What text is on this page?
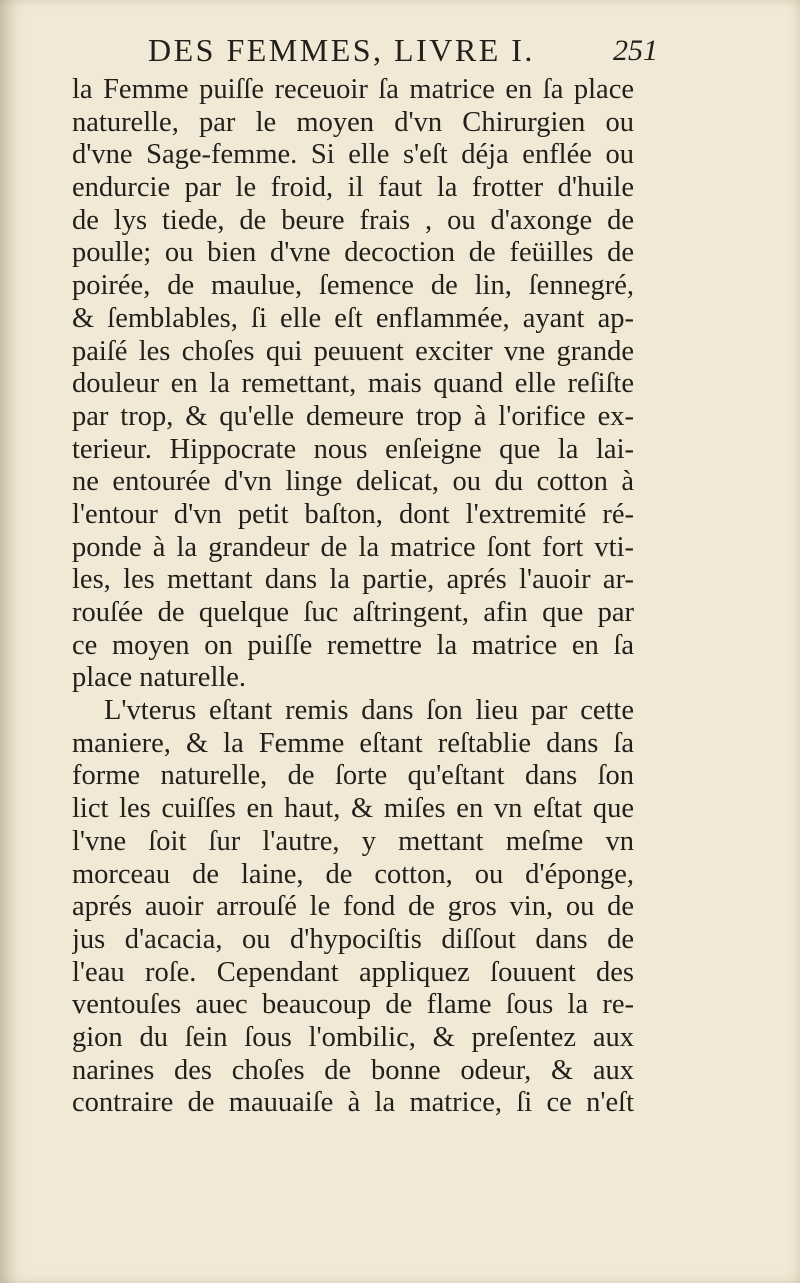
DES FEMMES, LIVRE I.	251
la Femme puiſſe receuoir ſa matrice en ſa place
naturelle, par le moyen d'vn Chirurgien ou
d'vne Sage-femme. Si elle s'eſt déja enflée ou
endurcie par le froid, il faut la frotter d'huile
de lys tiede, de beure frais , ou d'axonge de
poulle; ou bien d'vne decoction de feüilles de
poirée, de maulue, ſemence de lin, ſennegré,
& ſemblables, ſi elle eſt enflammée, ayant ap-
paiſé les choſes qui peuuent exciter vne grande
douleur en la remettant, mais quand elle reſiſte
par trop, & qu'elle demeure trop à l'orifice ex-
terieur. Hippocrate nous enſeigne que la lai-
ne entourée d'vn linge delicat, ou du cotton à
l'entour d'vn petit baſton, dont l'extremité ré-
ponde à la grandeur de la matrice ſont fort vti-
les, les mettant dans la partie, aprés l'auoir ar-
rouſée de quelque ſuc aſtringent, afin que par
ce moyen on puiſſe remettre la matrice en ſa
place naturelle.
L'vterus eſtant remis dans ſon lieu par cette
maniere, & la Femme eſtant reſtablie dans ſa
forme naturelle, de ſorte qu'eſtant dans ſon
lict les cuiſſes en haut, & miſes en vn eſtat que
l'vne ſoit ſur l'autre, y mettant meſme vn
morceau de laine, de cotton, ou d'éponge,
aprés auoir arrouſé le fond de gros vin, ou de
jus d'acacia, ou d'hypociſtis diſſout dans de
l'eau roſe. Cependant appliquez ſouuent des
ventouſes auec beaucoup de flame ſous la re-
gion du ſein ſous l'ombilic, & preſentez aux
narines des choſes de bonne odeur, & aux
contraire de mauuaiſe à la matrice, ſi ce n'eſt
